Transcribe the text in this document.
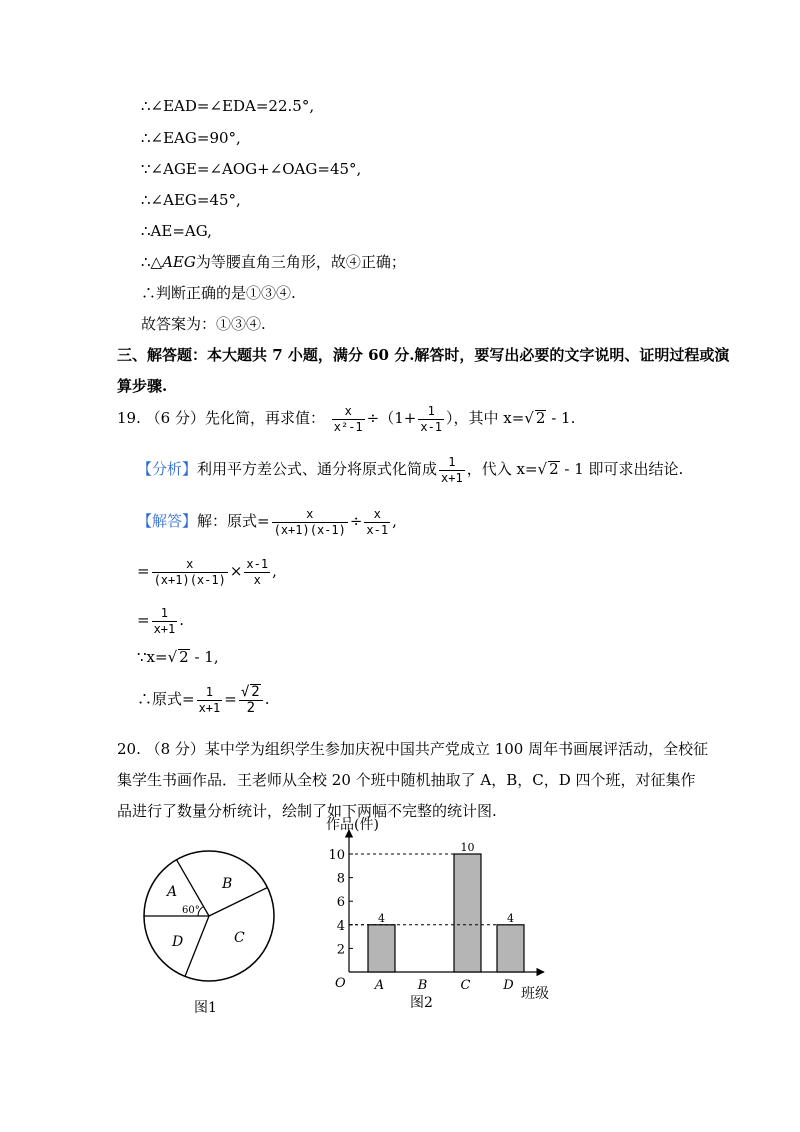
∴∠EAD=∠EDA=22.5°,
∴∠EAG=90°,
∵∠AGE=∠AOG+∠OAG=45°,
∴∠AEG=45°,
∴AE=AG,
∴△AEG为等腰直角三角形，故④正确；
∴判断正确的是①③④.
故答案为：①③④.
三、解答题：本大题共 7 小题，满分 60 分.解答时，要写出必要的文字说明、证明过程或演
算步骤.
19. （6 分）先化简，再求值： $\frac{x}{\text{x²-1}} \div(1+ \frac{1}{x-1}$ ），其中 x=√ 2 - 1.
【分析】利用平方差公式、通分将原式化简成 $\frac{1}{x+1}$ ，代入 x=√ 2 - 1 即可求出结论.
【解答】解：原式= $\frac{x}{(x+1)(x-1)} \div \frac{x}{x-1}$ ,
= $\frac{x}{(x+1)(x-1)} \times \frac{x-1}{x}$ ,
= $\frac{1}{x+1}$ .
∵x=√ 2 - 1,
∴原式= $\frac{1}{x+1} = \frac{√ 2}{2}$ .
20. （8 分）某中学为组织学生参加庆祝中国共产党成立 100 周年书画展评活动，全校征
集学生书画作品．王老师从全校 20 个班中随机抽取了 A，B，C，D 四个班，对征集作
品进行了数量分析统计，绘制了如下两幅不完整的统计图.
A	B
C
D
60°
图1
作品(件)
班级
O
2
4
6
8
10
4
A	B
10
C
4
D
图2
